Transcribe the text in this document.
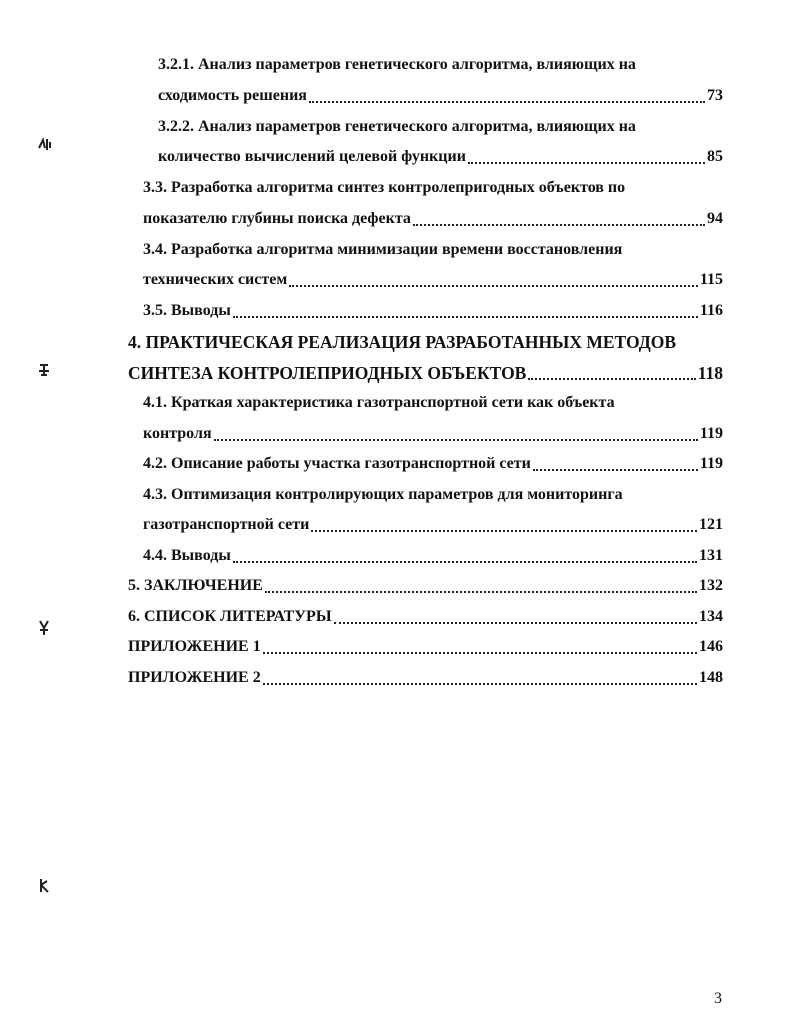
3.2.1. Анализ параметров генетического алгоритма, влияющих на
сходимость решения	73
3.2.2. Анализ параметров генетического алгоритма, влияющих на
количество вычислений целевой функции	85
3.3. Разработка алгоритма синтез контролепригодных объектов по
показателю глубины поиска дефекта	94
3.4. Разработка алгоритма минимизации времени восстановления
технических систем	115
3.5. Выводы	116
4. ПРАКТИЧЕСКАЯ РЕАЛИЗАЦИЯ РАЗРАБОТАННЫХ МЕТОДОВ
СИНТЕЗА КОНТРОЛЕПРИОДНЫХ ОБЪЕКТОВ	118
4.1. Краткая характеристика газотранспортной сети как объекта
контроля	119
4.2. Описание работы участка газотранспортной сети	119
4.3. Оптимизация контролирующих параметров для мониторинга
газотранспортной сети	121
4.4. Выводы	131
5. ЗАКЛЮЧЕНИЕ	132
6. СПИСОК ЛИТЕРАТУРЫ	134
ПРИЛОЖЕНИЕ 1	146
ПРИЛОЖЕНИЕ 2	148
3
